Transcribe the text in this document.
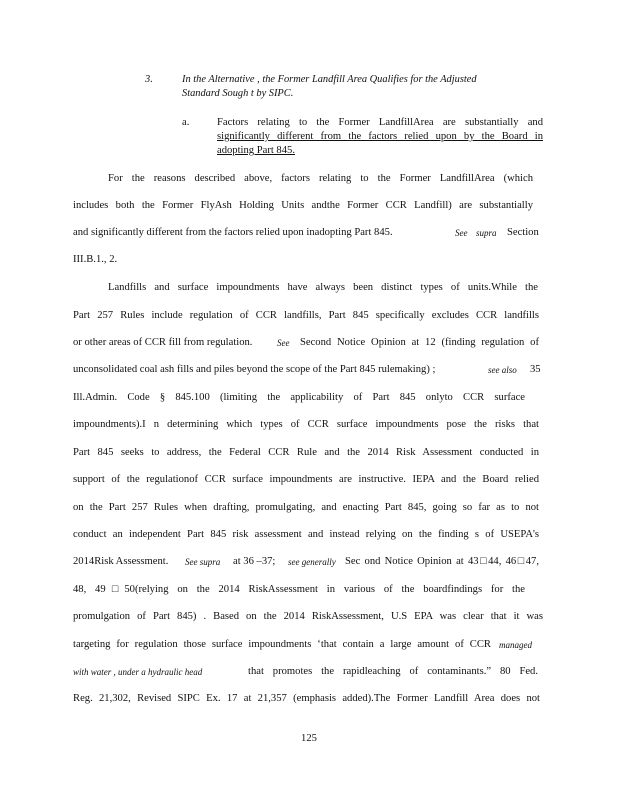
3.	In the Alternative , the Former Landfill Area Qualifies for the Adjusted
Standard Sough t by SIPC.
a.	Factors relating to the Former LandfillArea are substantially and
significantly different from the factors relied upon by the Board in
adopting Part 845.
For the reasons described above, factors relating to the Former LandfillArea (which
includes both the Former FlyAsh Holding Units andthe Former CCR Landfill) are substantially
and significantly different from the factors relied upon inadopting Part 845.	See supra Section
III.B.1., 2.
Landfills and surface impoundments have always been distinct types of units.While the
Part 257 Rules include regulation of CCR landfills, Part 845 specifically excludes CCR landfills
or other areas of CCR fill from regulation.	See Second Notice Opinion at 12 (finding regulation of
unconsolidated coal ash fills and piles beyond the scope of the Part 845 rulemaking) ;	see also 35
Ill.Admin. Code § 845.100 (limiting the applicability of Part 845 onlyto CCR surface
impoundments).I n determining which types of CCR surface impoundments pose the risks that
Part 845 seeks to address, the Federal CCR Rule and the 2014 Risk Assessment conducted in
support of the regulationof CCR surface impoundments are instructive. IEPA and the Board relied
on the Part 257 Rules when drafting, promulgating, and enacting Part 845, going so far as to not
conduct an independent Part 845 risk assessment and instead relying on the finding s of USEPA's
2014Risk Assessment. See supra at 36 –37; see generally Sec ond Notice Opinion at 43□44, 46□47,
48, 49□50(relying on the 2014 RiskAssessment in various of the boardfindings for the
promulgation of Part 845) . Based on the 2014 RiskAssessment, U.S EPA was clear that it was
targeting for regulation those surface impoundments ‘that contain a large amount of CCR managed
with water , under a hydraulic head	that promotes the rapidleaching of contaminants.” 80 Fed.
Reg. 21,302, Revised SIPC Ex. 17 at 21,357 (emphasis added).The Former Landfill Area does not
125
